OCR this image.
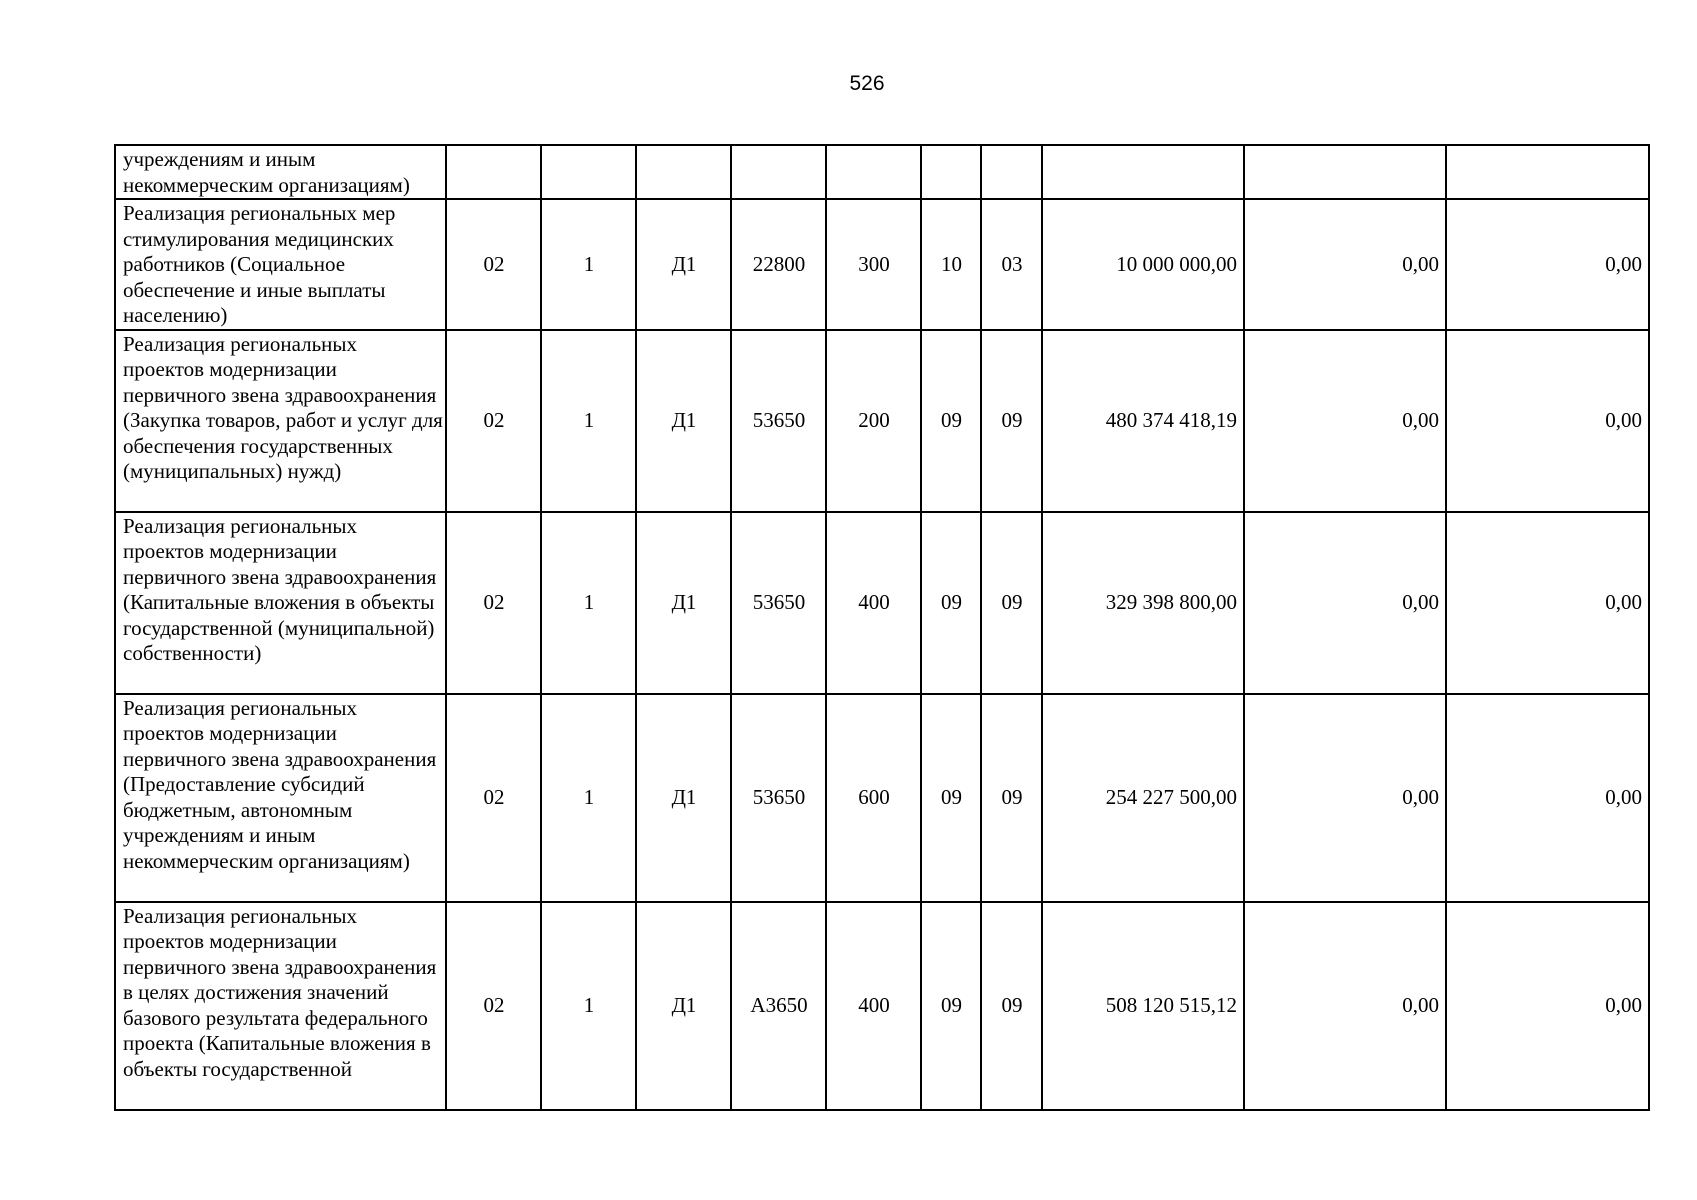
526
учреждениям и иным некоммерческим организациям)										
Реализация региональных мер стимулирования медицинских работников (Социальное обеспечение и иные выплаты населению)	02	1	Д1	22800	300	10	03	10 000 000,00	0,00	0,00
Реализация региональных проектов модернизации первичного звена здравоохранения (Закупка товаров, работ и услуг для обеспечения государственных (муниципальных) нужд)	02	1	Д1	53650	200	09	09	480 374 418,19	0,00	0,00
Реализация региональных проектов модернизации первичного звена здравоохранения (Капитальные вложения в объекты государственной (муниципальной) собственности)	02	1	Д1	53650	400	09	09	329 398 800,00	0,00	0,00
Реализация региональных проектов модернизации первичного звена здравоохранения (Предоставление субсидий бюджетным, автономным учреждениям и иным некоммерческим организациям)	02	1	Д1	53650	600	09	09	254 227 500,00	0,00	0,00
Реализация региональных проектов модернизации первичного звена здравоохранения в целях достижения значений базового результата федерального проекта (Капитальные вложения в объекты государственной	02	1	Д1	А3650	400	09	09	508 120 515,12	0,00	0,00
